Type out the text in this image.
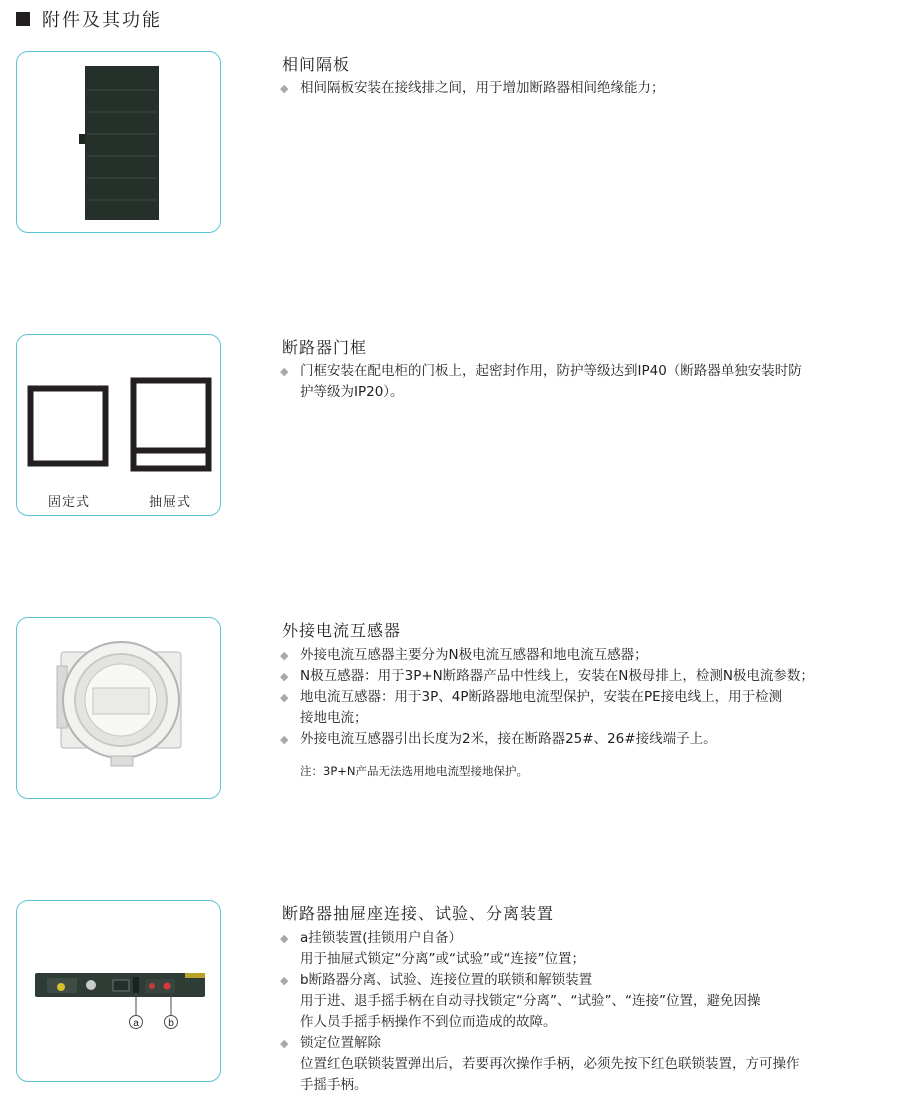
附件及其功能
相间隔板
◆ 相间隔板安装在接线排之间，用于增加断路器相间绝缘能力；
固定式	抽屉式
断路器门框
◆ 门框安装在配电柜的门板上，起密封作用，防护等级达到IP40（断路器单独安装时防
护等级为IP20）。
外接电流互感器
◆ 外接电流互感器主要分为N极电流互感器和地电流互感器；
◆ N极互感器：用于3P+N断路器产品中性线上，安装在N极母排上，检测N极电流参数；
◆ 地电流互感器：用于3P、4P断路器地电流型保护，安装在PE接电线上，用于检测
接地电流；
◆ 外接电流互感器引出长度为2米，接在断路器25#、26#接线端子上。
注：3P+N产品无法选用地电流型接地保护。
a	b
断路器抽屉座连接、试验、分离装置
◆ a挂锁装置(挂锁用户自备）
用于抽屉式锁定“分离”或“试验”或“连接”位置；
◆ b断路器分离、试验、连接位置的联锁和解锁装置
用于进、退手摇手柄在自动寻找锁定“分离”、“试验”、“连接”位置，避免因操
作人员手摇手柄操作不到位而造成的故障。
◆ 锁定位置解除
位置红色联锁装置弹出后，若要再次操作手柄，必须先按下红色联锁装置，方可操作
手摇手柄。
